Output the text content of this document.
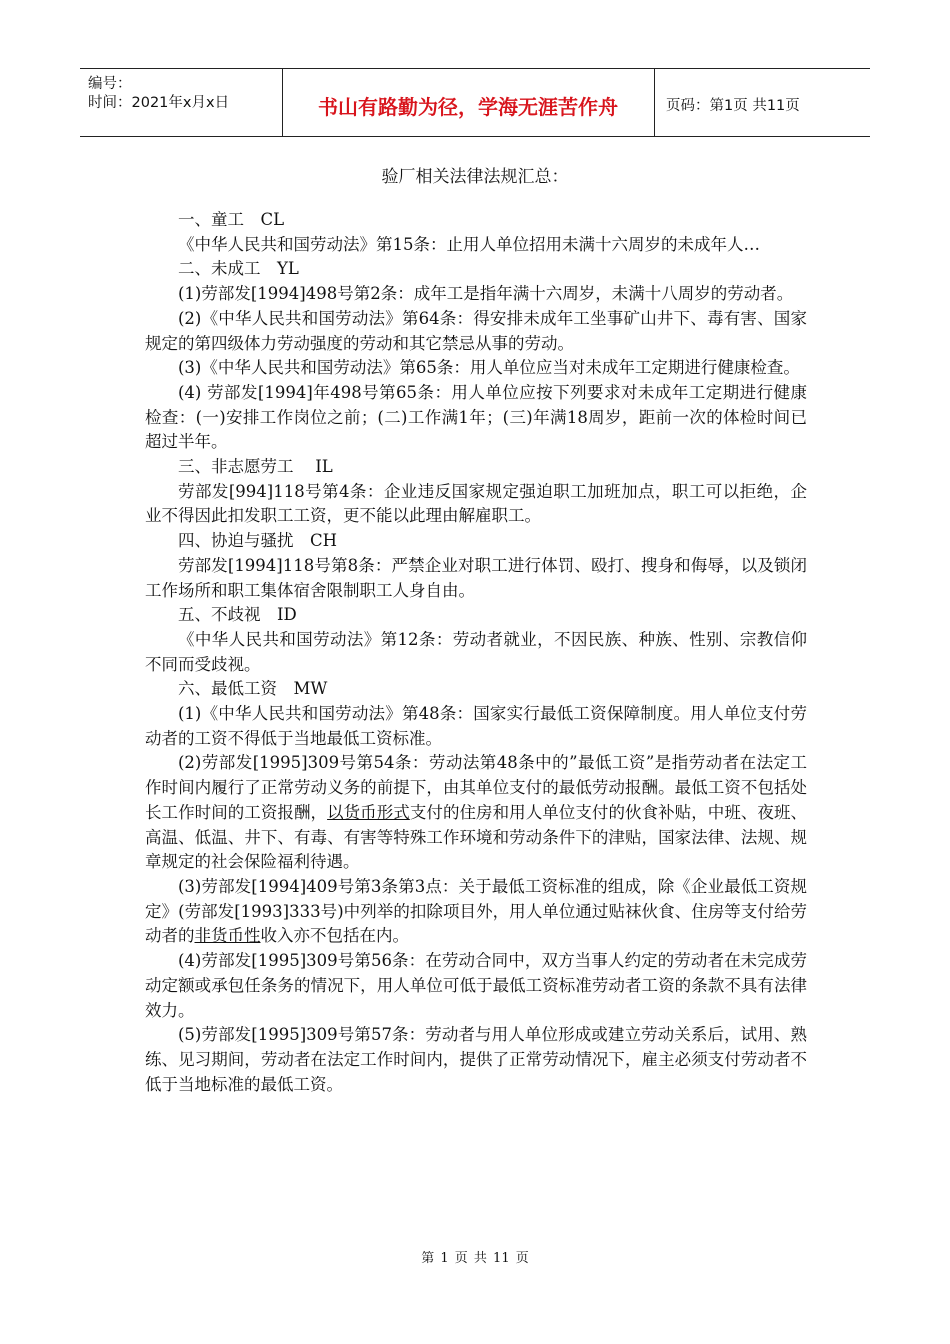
编号：
时间：2021年x月x日	书山有路勤为径，学海无涯苦作舟	页码：第1页 共11页
验厂相关法律法规汇总：

一、童工　CL

《中华人民共和国劳动法》第15条：止用人单位招用未满十六周岁的未成年人…

二、未成工　YL

(1)劳部发[1994]498号第2条：成年工是指年满十六周岁，未满十八周岁的劳动者。

(2)《中华人民共和国劳动法》第64条：得安排未成年工坐事矿山井下、毒有害、国家规定的第四级体力劳动强度的劳动和其它禁忌从事的劳动。

(3)《中华人民共和国劳动法》第65条：用人单位应当对未成年工定期进行健康检查。

(4) 劳部发[1994]年498号第65条：用人单位应按下列要求对未成年工定期进行健康检查：(一)安排工作岗位之前；(二)工作满1年；(三)年满18周岁，距前一次的体检时间已超过半年。

三、非志愿劳工　 IL

劳部发[994]118号第4条：企业违反国家规定强迫职工加班加点，职工可以拒绝，企业不得因此扣发职工工资，更不能以此理由解雇职工。

四、协迫与骚扰　CH

劳部发[1994]118号第8条：严禁企业对职工进行体罚、殴打、搜身和侮辱，以及锁闭工作场所和职工集体宿舍限制职工人身自由。

五、不歧视　ID

《中华人民共和国劳动法》第12条：劳动者就业，不因民族、种族、性别、宗教信仰不同而受歧视。

六、最低工资　MW

(1)《中华人民共和国劳动法》第48条：国家实行最低工资保障制度。用人单位支付劳动者的工资不得低于当地最低工资标准。

(2)劳部发[1995]309号第54条：劳动法第48条中的”最低工资”是指劳动者在法定工作时间内履行了正常劳动义务的前提下，由其单位支付的最低劳动报酬。最低工资不包括处长工作时间的工资报酬，以货币形式支付的住房和用人单位支付的伙食补贴，中班、夜班、高温、低温、井下、有毒、有害等特殊工作环境和劳动条件下的津贴，国家法律、法规、规章规定的社会保险福利待遇。

(3)劳部发[1994]409号第3条第3点：关于最低工资标准的组成，除《企业最低工资规定》(劳部发[1993]333号)中列举的扣除项目外，用人单位通过贴袜伙食、住房等支付给劳动者的非货币性收入亦不包括在内。

(4)劳部发[1995]309号第56条：在劳动合同中，双方当事人约定的劳动者在未完成劳动定额或承包任条务的情况下，用人单位可低于最低工资标准劳动者工资的条款不具有法律效力。

(5)劳部发[1995]309号第57条：劳动者与用人单位形成或建立劳动关系后，试用、熟练、见习期间，劳动者在法定工作时间内，提供了正常劳动情况下，雇主必须支付劳动者不低于当地标准的最低工资。

第 1 页 共 11 页
